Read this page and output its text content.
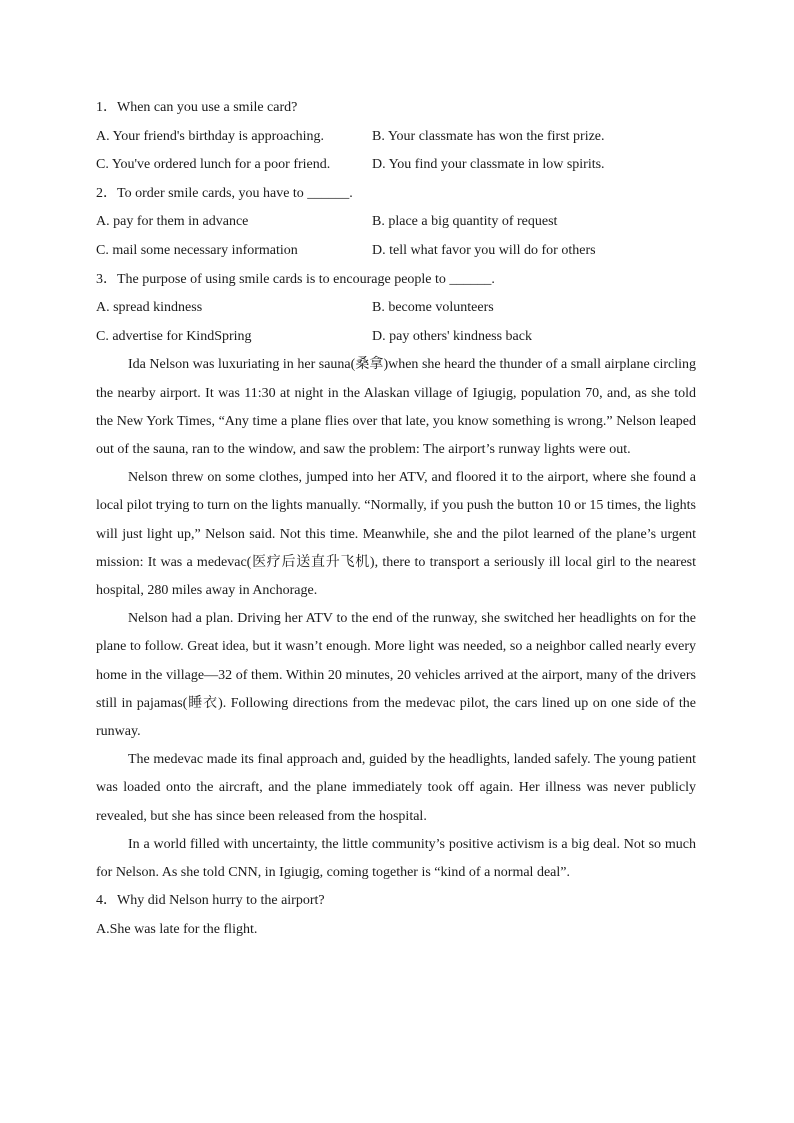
1．When can you use a smile card?
A. Your friend's birthday is approaching.	B. Your classmate has won the first prize.
C. You've ordered lunch for a poor friend.	D. You find your classmate in low spirits.
2．To order smile cards, you have to ______.
A. pay for them in advance	B. place a big quantity of request
C. mail some necessary information	D. tell what favor you will do for others
3．The purpose of using smile cards is to encourage people to ______.
A. spread kindness	B. become volunteers
C. advertise for KindSpring	D. pay others' kindness back

Ida Nelson was luxuriating in her sauna(桑拿)when she heard the thunder of a small airplane circling the nearby airport. It was 11:30 at night in the Alaskan village of Igiugig, population 70, and, as she told the New York Times, “Any time a plane flies over that late, you know something is wrong.” Nelson leaped out of the sauna, ran to the window, and saw the problem: The airport’s runway lights were out.

Nelson threw on some clothes, jumped into her ATV, and floored it to the airport, where she found a local pilot trying to turn on the lights manually. “Normally, if you push the button 10 or 15 times, the lights will just light up,” Nelson said. Not this time. Meanwhile, she and the pilot learned of the plane’s urgent mission: It was a medevac(医疗后送直升飞机), there to transport a seriously ill local girl to the nearest hospital, 280 miles away in Anchorage.

Nelson had a plan. Driving her ATV to the end of the runway, she switched her headlights on for the plane to follow. Great idea, but it wasn’t enough. More light was needed, so a neighbor called nearly every home in the village—32 of them. Within 20 minutes, 20 vehicles arrived at the airport, many of the drivers still in pajamas(睡衣). Following directions from the medevac pilot, the cars lined up on one side of the runway.

The medevac made its final approach and, guided by the headlights, landed safely. The young patient was loaded onto the aircraft, and the plane immediately took off again. Her illness was never publicly revealed, but she has since been released from the hospital.

In a world filled with uncertainty, the little community’s positive activism is a big deal. Not so much for Nelson. As she told CNN, in Igiugig, coming together is “kind of a normal deal”.

4．Why did Nelson hurry to the airport?
A.She was late for the flight.
